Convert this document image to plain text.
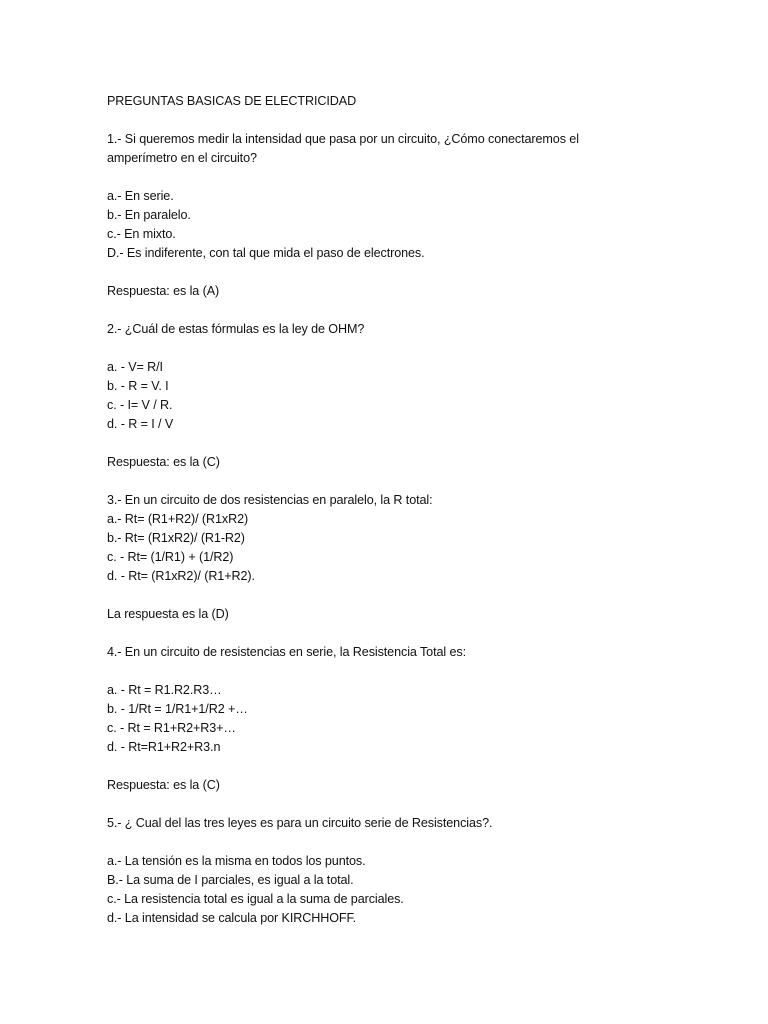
PREGUNTAS BASICAS DE ELECTRICIDAD
1.- Si queremos medir la intensidad que pasa por un circuito, ¿Cómo conectaremos el
amperímetro en el circuito?
a.- En serie.
b.- En paralelo.
c.- En mixto.
D.- Es indiferente, con tal que mida el paso de electrones.
Respuesta: es la (A)
2.- ¿Cuál de estas fórmulas es la ley de OHM?
a. - V= R/I
b. - R = V. I
c. - I= V / R.
d. - R = I / V
Respuesta: es la (C)
3.- En un circuito de dos resistencias en paralelo, la R total:
a.- Rt= (R1+R2)/ (R1xR2)
b.- Rt= (R1xR2)/ (R1-R2)
c. - Rt= (1/R1) + (1/R2)
d. - Rt= (R1xR2)/ (R1+R2).
La respuesta es la (D)
4.- En un circuito de resistencias en serie, la Resistencia Total es:
a. - Rt = R1.R2.R3…
b. - 1/Rt = 1/R1+1/R2 +…
c. - Rt = R1+R2+R3+…
d. - Rt=R1+R2+R3.n
Respuesta: es la (C)
5.- ¿ Cual del las tres leyes es para un circuito serie de Resistencias?.
a.- La tensión es la misma en todos los puntos.
B.- La suma de I parciales, es igual a la total.
c.- La resistencia total es igual a la suma de parciales.
d.- La intensidad se calcula por KIRCHHOFF.
